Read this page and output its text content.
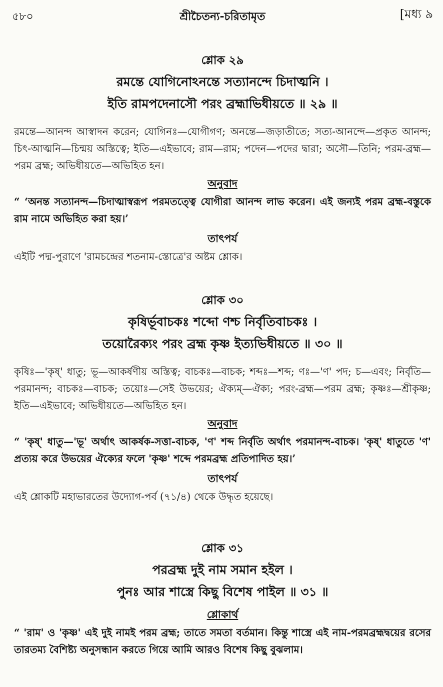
৫৮০	শ্রীচৈতন্য-চরিতামৃত	[মধ্য ৯
শ্লোক ২৯
রমন্তে যোগিনোঽনন্তে সত্যানন্দে চিদাত্মনি ।
ইতি রামপদেনাসৌ পরং ব্রহ্মাভিধীয়তে ॥ ২৯ ॥
রমন্তে—আনন্দ আস্বাদন করেন; যোগিনঃ—যোগীগণ; অনন্তে—জড়াতীতে; সত্য-আনন্দে—প্রকৃত আনন্দ; চিৎ-আত্মনি—চিন্ময় অস্তিত্বে; ইতি—এইভাবে; রাম—রাম; পদেন—পদের দ্বারা; অসৌ—তিনি; পরম-ব্রহ্ম—পরম ব্রহ্ম; অভিধীয়তে—অভিহিত হন।
অনুবাদ
“ ‘অনন্ত সত্যানন্দ—চিদাত্মাস্বরূপ পরমতত্ত্বে যোগীরা আনন্দ লাভ করেন। এই জন্যই পরম ব্রহ্ম-বস্তুকে রাম নামে অভিহিত করা হয়।’
তাৎপর্য
এইটি পদ্ম-পুরাণে 'রামচন্দ্রের শতনাম-স্তোত্রে'র অষ্টম শ্লোক।
শ্লোক ৩০
কৃষির্ভূবাচকঃ শব্দো ণশ্চ নির্বৃতিবাচকঃ ।
তয়োরৈক্যং পরং ব্রহ্ম কৃষ্ণ ইত্যভিধীয়তে ॥ ৩০ ॥
কৃষিঃ—'কৃষ্' ধাতু; ভূ—আকর্ষণীয় অস্তিত্ব; বাচকঃ—বাচক; শব্দঃ—শব্দ; ণঃ—'ণ' পদ; চ—এবং; নির্বৃতি—পরমানন্দ; বাচকঃ—বাচক; তয়োঃ—সেই উভয়ের; ঐক্যম্—ঐক্য; পরং-ব্রহ্ম—পরম ব্রহ্ম; কৃষ্ণঃ—শ্রীকৃষ্ণ; ইতি—এইভাবে; অভিধীয়তে—অভিহিত হন।
অনুবাদ
“ 'কৃষ্' ধাতু—'ভূ' অর্থাৎ আকর্ষক-সত্তা-বাচক, 'ণ' শব্দ নির্বৃতি অর্থাৎ পরমানন্দ-বাচক। 'কৃষ্' ধাতুতে 'ণ' প্রত্যয় করে উভয়ের ঐক্যের ফলে 'কৃষ্ণ' শব্দে পরমব্রহ্ম প্রতিপাদিত হয়।’
তাৎপর্য
এই শ্লোকটি মহাভারতের উদ্যোগ-পর্ব (৭১/৪) থেকে উদ্ধৃত হয়েছে।
শ্লোক ৩১
পরব্রহ্ম দুই নাম সমান হইল ।
পুনঃ আর শাস্ত্রে কিছু বিশেষ পাইল ॥ ৩১ ॥
শ্লোকার্থ
“ 'রাম' ও 'কৃষ্ণ' এই দুই নামই পরম ব্রহ্ম; তাতে সমতা বর্তমান। কিন্তু শাস্ত্রে এই নাম-পরমব্রহ্মদ্বয়ের রসের তারতম্য বৈশিষ্ট্য অনুসন্ধান করতে গিয়ে আমি আরও বিশেষ কিছু বুঝলাম।
